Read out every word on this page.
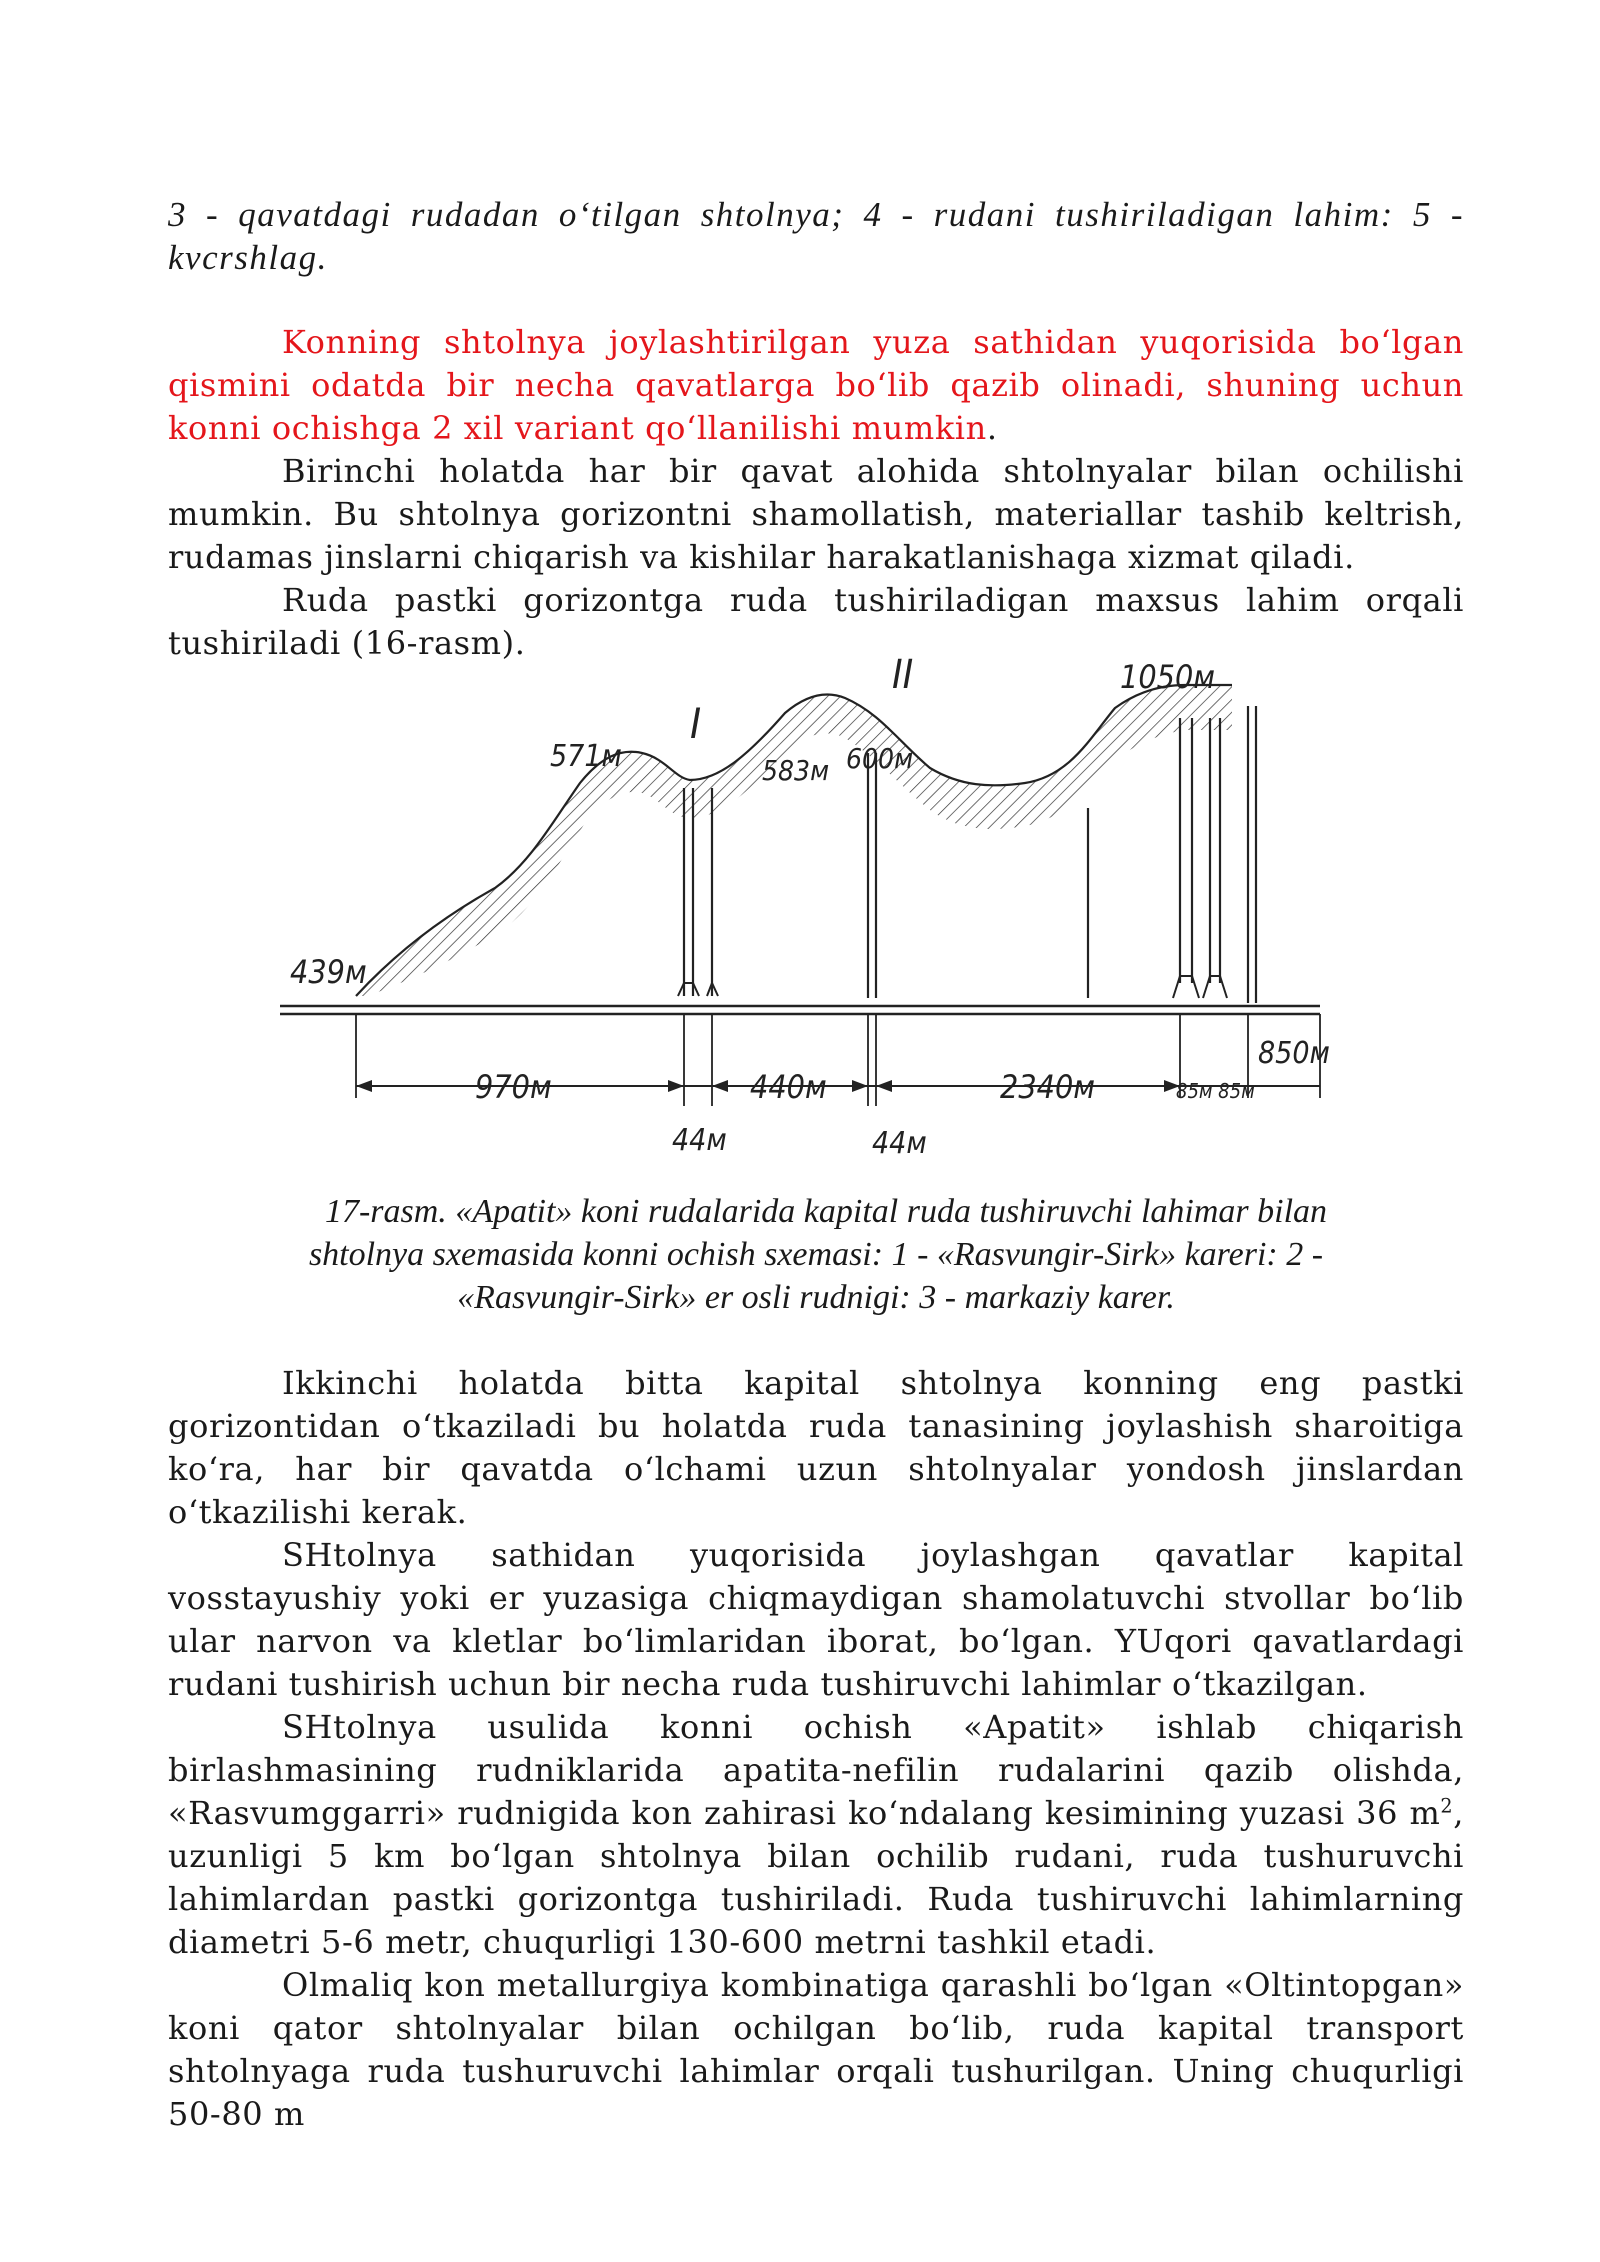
3 - qavatdagi rudadan o‘tilgan shtolnya; 4 - rudani tushiriladigan lahim: 5 - kvcrshlag.

Konning shtolnya joylashtirilgan yuza sathidan yuqorisida bo‘lgan qismini odatda bir necha qavatlarga bo‘lib qazib olinadi, shuning uchun konni ochishga 2 xil variant qo‘llanilishi mumkin.

Birinchi holatda har bir qavat alohida shtolnyalar bilan ochilishi mumkin. Bu shtolnya gorizontni shamollatish, materiallar tashib keltrish, rudamas jinslarni chiqarish va kishilar harakatlanishaga xizmat qiladi.

Ruda pastki gorizontga ruda tushiriladigan maxsus lahim orqali tushiriladi (16-rasm).

I
II
571м	583м 600м
1050м
439м
970м	440м	2340м
850м
85м 85м
44м	44м
17-rasm. «Apatit» koni rudalarida kapital ruda tushiruvchi lahimar bilan
shtolnya sxemasida konni ochish sxemasi: 1 - «Rasvungir-Sirk» kareri: 2 -
«Rasvungir-Sirk» er osli rudnigi: 3 - markaziy karer.

Ikkinchi holatda bitta kapital shtolnya konning eng pastki gorizontidan o‘tkaziladi bu holatda ruda tanasining joylashish sharoitiga ko‘ra, har bir qavatda o‘lchami uzun shtolnyalar yondosh jinslardan o‘tkazilishi kerak.

SHtolnya sathidan yuqorisida joylashgan qavatlar kapital vosstayushiy yoki er yuzasiga chiqmaydigan shamolatuvchi stvollar bo‘lib ular narvon va kletlar bo‘limlaridan iborat, bo‘lgan. YUqori qavatlardagi rudani tushirish uchun bir necha ruda tushiruvchi lahimlar o‘tkazilgan.

SHtolnya usulida konni ochish «Apatit» ishlab chiqarish birlashmasining rudniklarida apatita-nefilin rudalarini qazib olishda, «Rasvumggarri» rudnigida kon zahirasi ko‘ndalang kesimining yuzasi 36 $m^2$, uzunligi 5 km bo‘lgan shtolnya bilan ochilib rudani, ruda tushuruvchi lahimlardan pastki gorizontga tushiriladi. Ruda tushiruvchi lahimlarning diametri 5-6 metr, chuqurligi 130-600 metrni tashkil etadi.

Olmaliq kon metallurgiya kombinatiga qarashli bo‘lgan «Oltintopgan» koni qator shtolnyalar bilan ochilgan bo‘lib, ruda kapital transport shtolnyaga ruda tushuruvchi lahimlar orqali tushurilgan. Uning chuqurligi 50-80 m
